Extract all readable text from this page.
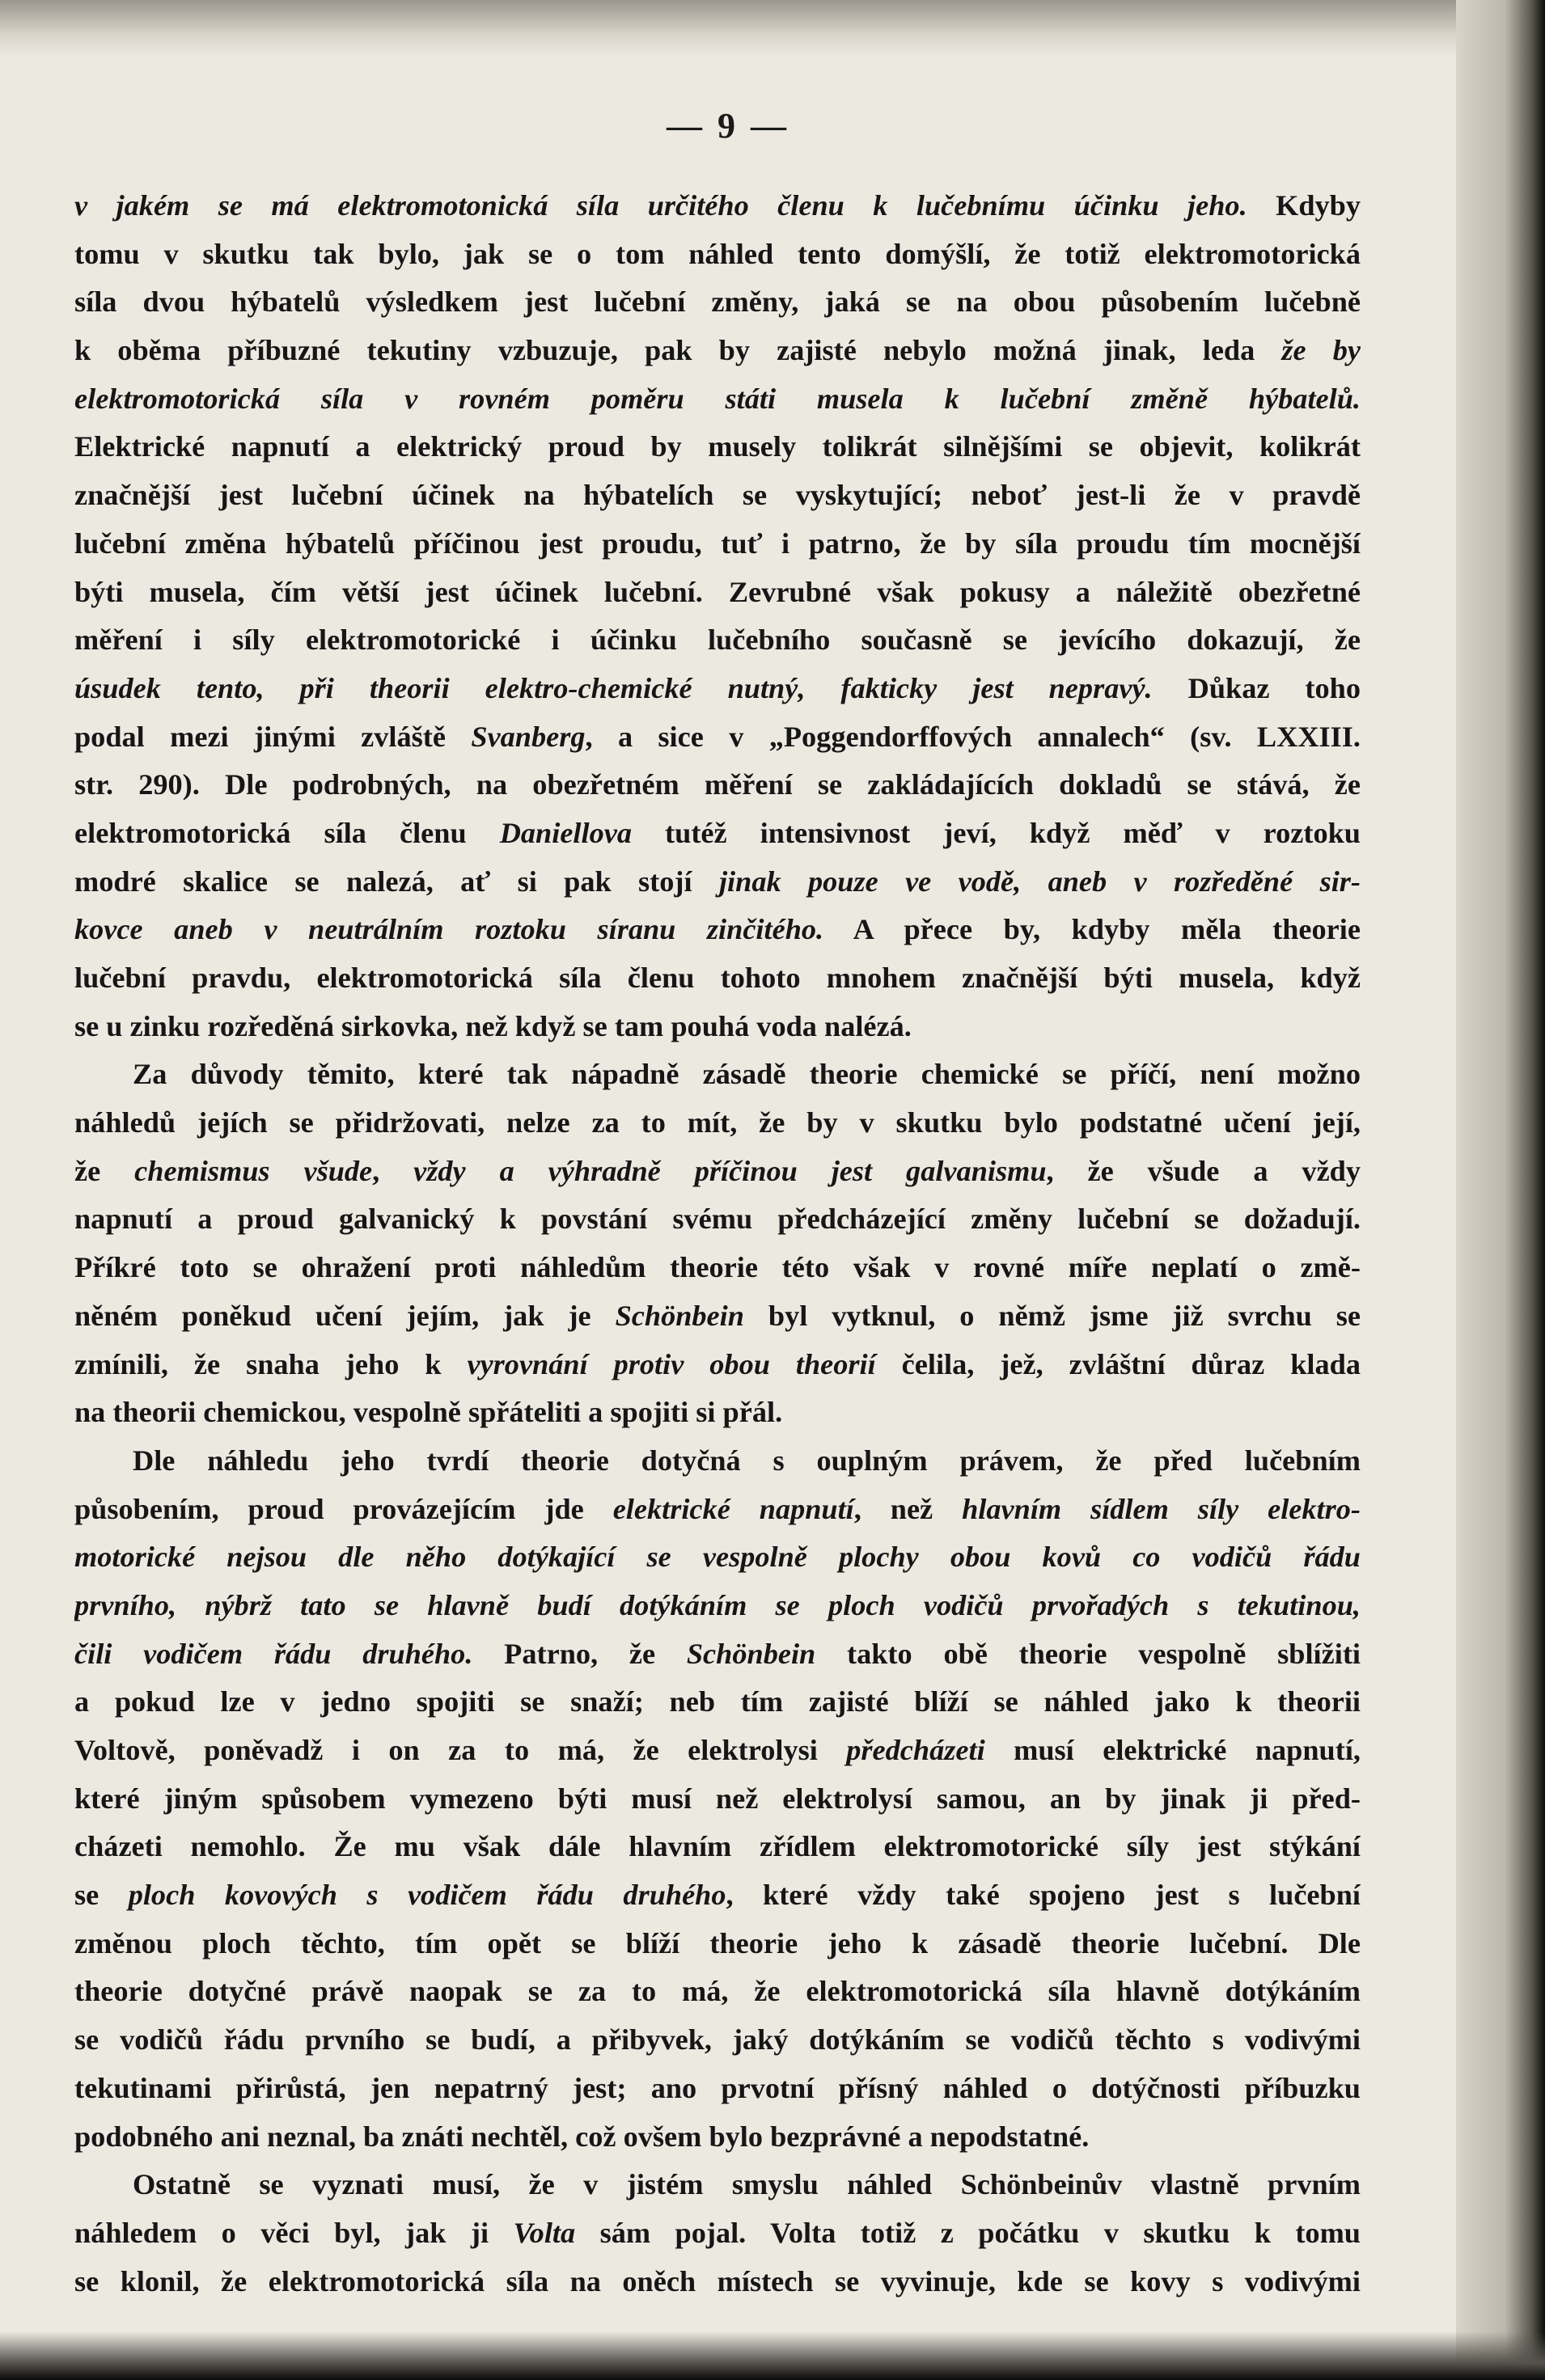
— 9 —
v jakém se má elektromotonická síla určitého členu k lučebnímu účinku jeho. Kdyby
tomu v skutku tak bylo, jak se o tom náhled tento domýšlí, že totiž elektromotorická
síla dvou hýbatelů výsledkem jest lučební změny, jaká se na obou působením lučebně
k oběma příbuzné tekutiny vzbuzuje, pak by zajisté nebylo možná jinak, leda že by
elektromotorická síla v rovném poměru státi musela k lučební změně hýbatelů.
Elektrické napnutí a elektrický proud by musely tolikrát silnějšími se objevit, kolikrát
značnější jest lučební účinek na hýbatelích se vyskytující; neboť jest-li že v pravdě
lučební změna hýbatelů příčinou jest proudu, tuť i patrno, že by síla proudu tím mocnější
býti musela, čím větší jest účinek lučební. Zevrubné však pokusy a náležitě obezřetné
měření i síly elektromotorické i účinku lučebního současně se jevícího dokazují, že
úsudek tento, při theorii elektro-chemické nutný, fakticky jest nepravý. Důkaz toho
podal mezi jinými zvláště Svanberg, a sice v „Poggendorffových annalech“ (sv. LXXIII.
str. 290). Dle podrobných, na obezřetném měření se zakládajících dokladů se stává, že
elektromotorická síla členu Daniellova tutéž intensivnost jeví, když měď v roztoku
modré skalice se nalezá, ať si pak stojí jinak pouze ve vodě, aneb v rozředěné sir-
kovce aneb v neutrálním roztoku síranu zinčitého. A přece by, kdyby měla theorie
lučební pravdu, elektromotorická síla členu tohoto mnohem značnější býti musela, když
se u zinku rozředěná sirkovka, než když se tam pouhá voda nalézá.
Za důvody těmito, které tak nápadně zásadě theorie chemické se příčí, není možno
náhledů jejích se přidržovati, nelze za to mít, že by v skutku bylo podstatné učení její,
že chemismus všude, vždy a výhradně příčinou jest galvanismu, že všude a vždy
napnutí a proud galvanický k povstání svému předcházející změny lučební se dožadují.
Příkré toto se ohražení proti náhledům theorie této však v rovné míře neplatí o změ-
něném poněkud učení jejím, jak je Schönbein byl vytknul, o němž jsme již svrchu se
zmínili, že snaha jeho k vyrovnání protiv obou theorií čelila, jež, zvláštní důraz klada
na theorii chemickou, vespolně spřáteliti a spojiti si přál.
Dle náhledu jeho tvrdí theorie dotyčná s ouplným právem, že před lučebním
působením, proud provázejícím jde elektrické napnutí, než hlavním sídlem síly elektro-
motorické nejsou dle něho dotýkající se vespolně plochy obou kovů co vodičů řádu
prvního, nýbrž tato se hlavně budí dotýkáním se ploch vodičů prvořadých s tekutinou,
čili vodičem řádu druhého. Patrno, že Schönbein takto obě theorie vespolně sblížiti
a pokud lze v jedno spojiti se snaží; neb tím zajisté blíží se náhled jako k theorii
Voltově, poněvadž i on za to má, že elektrolysi předcházeti musí elektrické napnutí,
které jiným spůsobem vymezeno býti musí než elektrolysí samou, an by jinak ji před-
cházeti nemohlo. Že mu však dále hlavním zřídlem elektromotorické síly jest stýkání
se ploch kovových s vodičem řádu druhého, které vždy také spojeno jest s lučební
změnou ploch těchto, tím opět se blíží theorie jeho k zásadě theorie lučební. Dle
theorie dotyčné právě naopak se za to má, že elektromotorická síla hlavně dotýkáním
se vodičů řádu prvního se budí, a přibyvek, jaký dotýkáním se vodičů těchto s vodivými
tekutinami přirůstá, jen nepatrný jest; ano prvotní přísný náhled o dotýčnosti příbuzku
podobného ani neznal, ba znáti nechtěl, což ovšem bylo bezprávné a nepodstatné.
Ostatně se vyznati musí, že v jistém smyslu náhled Schönbeinův vlastně prvním
náhledem o věci byl, jak ji Volta sám pojal. Volta totiž z počátku v skutku k tomu
se klonil, že elektromotorická síla na oněch místech se vyvinuje, kde se kovy s vodivými
